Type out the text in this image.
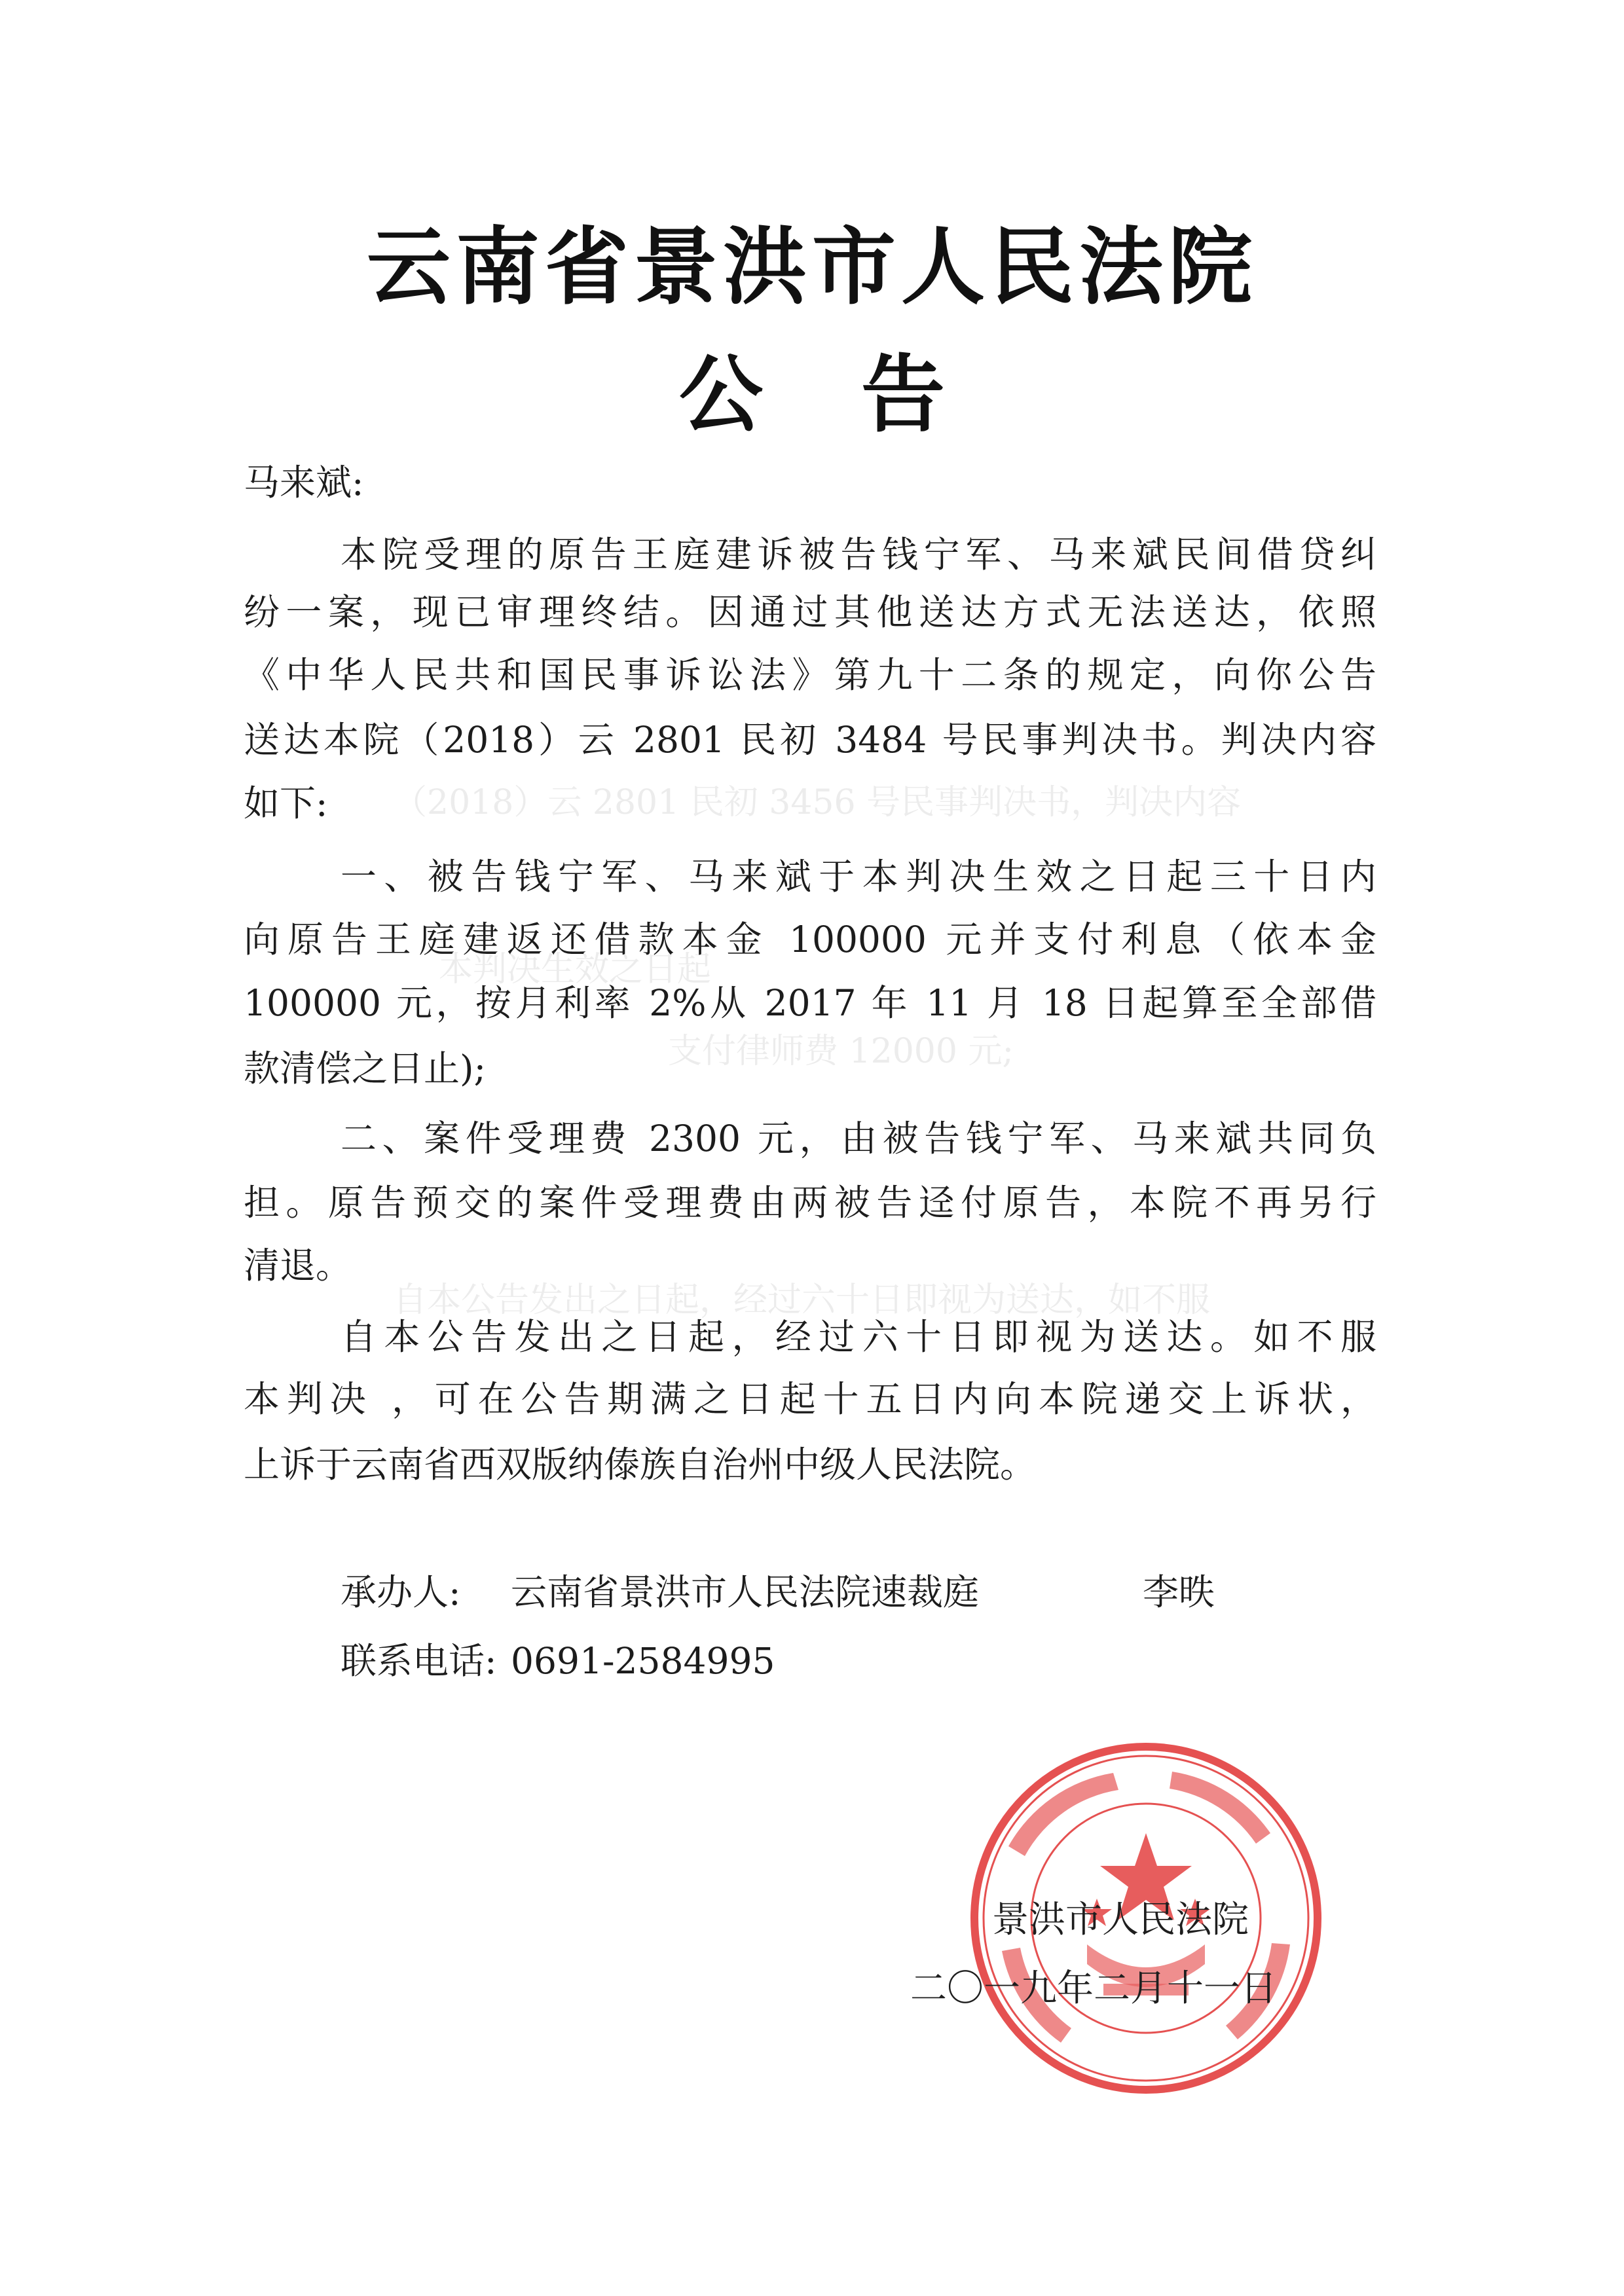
（2018）云 2801 民初 3456 号民事判决书，判决内容
本判决生效之日起
支付律师费 12000 元;
自本公告发出之日起，经过六十日即视为送达，如不服
云南省景洪市人民法院
公告
马来斌:
本院受理的原告王庭建诉被告钱宁军、马来斌民间借贷纠
纷一案，现已审理终结。因通过其他送达方式无法送达，依照
《中华人民共和国民事诉讼法》第九十二条的规定，向你公告
送达本院（2018）云 2801 民初 3484 号民事判决书。判决内容
如下:
一、被告钱宁军、马来斌于本判决生效之日起三十日内
向原告王庭建返还借款本金 100000 元并支付利息（依本金
100000 元，按月利率 2%从 2017 年 11 月 18 日起算至全部借
款清偿之日止);
二、案件受理费 2300 元，由被告钱宁军、马来斌共同负
担。原告预交的案件受理费由两被告迳付原告，本院不再另行
清退。
自本公告发出之日起，经过六十日即视为送达。如不服
本判决 ，可在公告期满之日起十五日内向本院递交上诉状，
上诉于云南省西双版纳傣族自治州中级人民法院。
承办人: 云南省景洪市人民法院速裁庭	李昳
联系电话: 0691-2584995
景洪市人民法院
二〇一九年二月十一日
